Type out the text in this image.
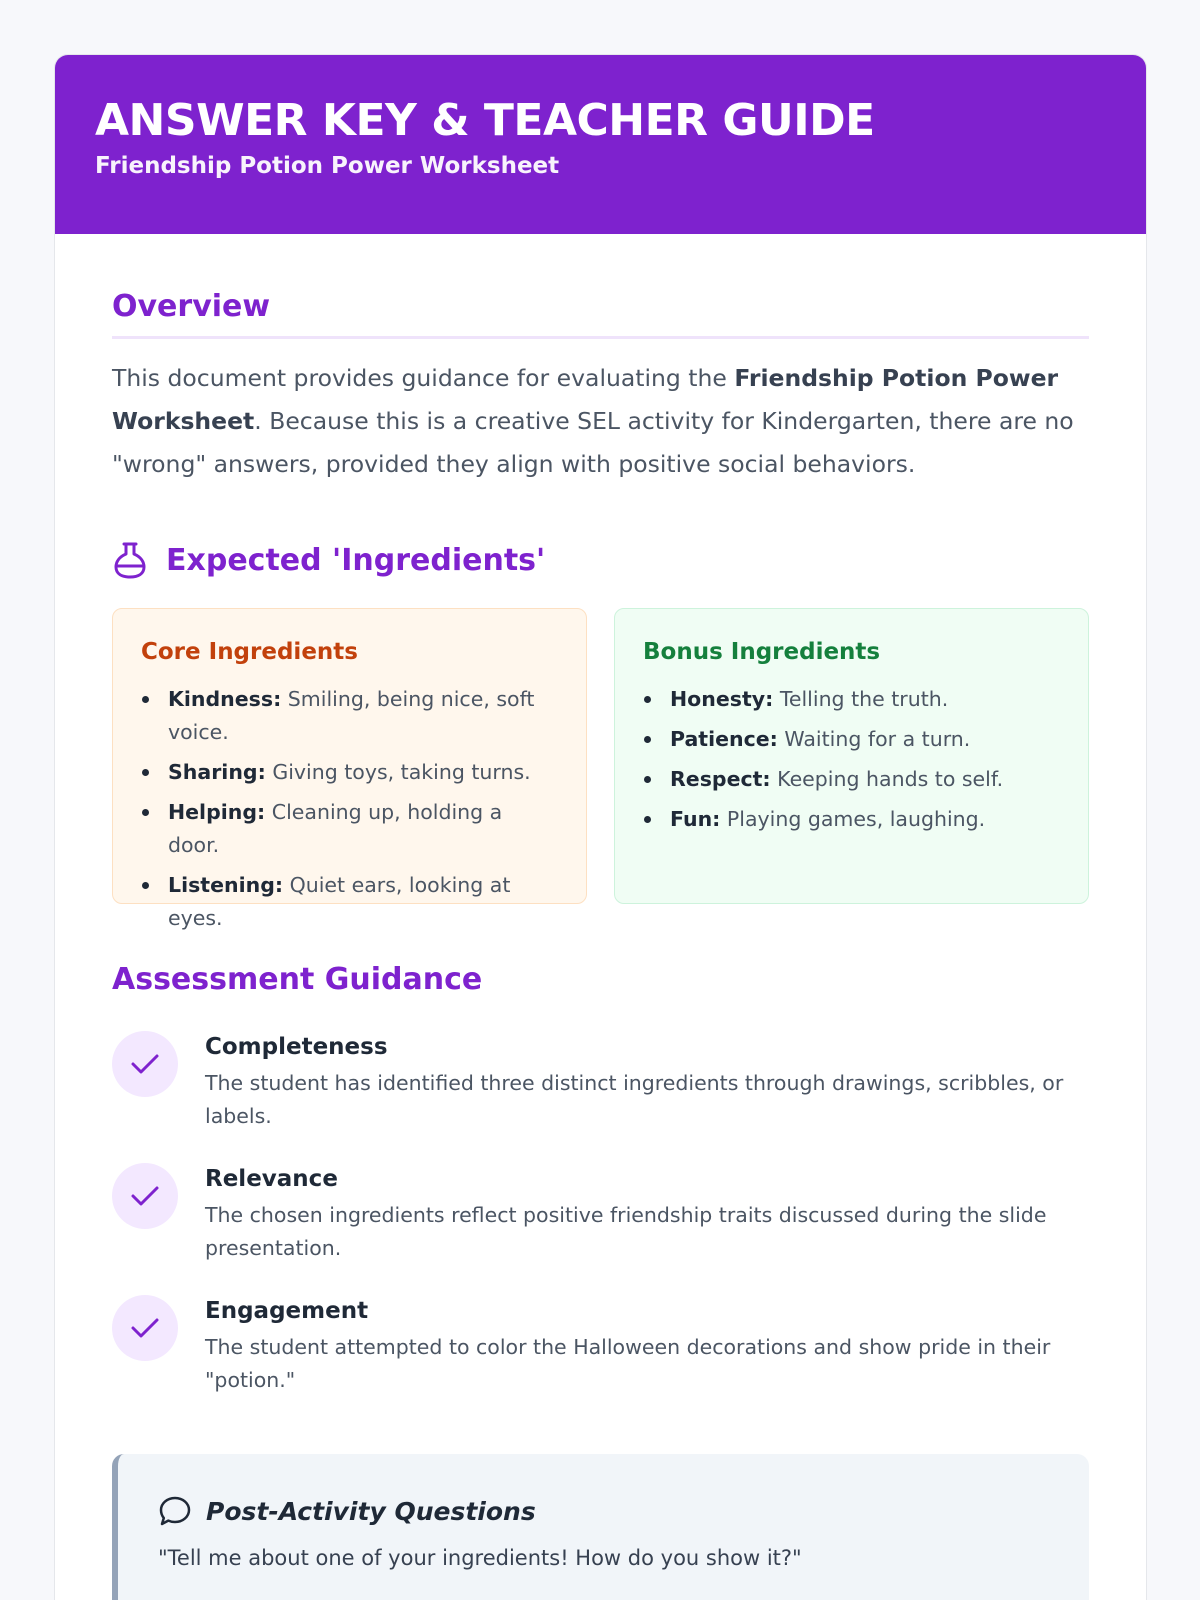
ANSWER KEY & TEACHER GUIDE
Friendship Potion Power Worksheet
Overview

This document provides guidance for evaluating the Friendship Potion Power Worksheet. Because this is a creative SEL activity for Kindergarten, there are no "wrong" answers, provided they align with positive social behaviors.

Expected 'Ingredients'
Core Ingredients
Kindness: Smiling, being nice, soft voice.
Sharing: Giving toys, taking turns.
Helping: Cleaning up, holding a door.
Listening: Quiet ears, looking at eyes.
Bonus Ingredients
Honesty: Telling the truth.
Patience: Waiting for a turn.
Respect: Keeping hands to self.
Fun: Playing games, laughing.
Assessment Guidance
Completeness
The student has identified three distinct ingredients through drawings, scribbles, or labels.
Relevance
The chosen ingredients reflect positive friendship traits discussed during the slide presentation.
Engagement
The student attempted to color the Halloween decorations and show pride in their "potion."
Post-Activity Questions
"Tell me about one of your ingredients! How do you show it?"
